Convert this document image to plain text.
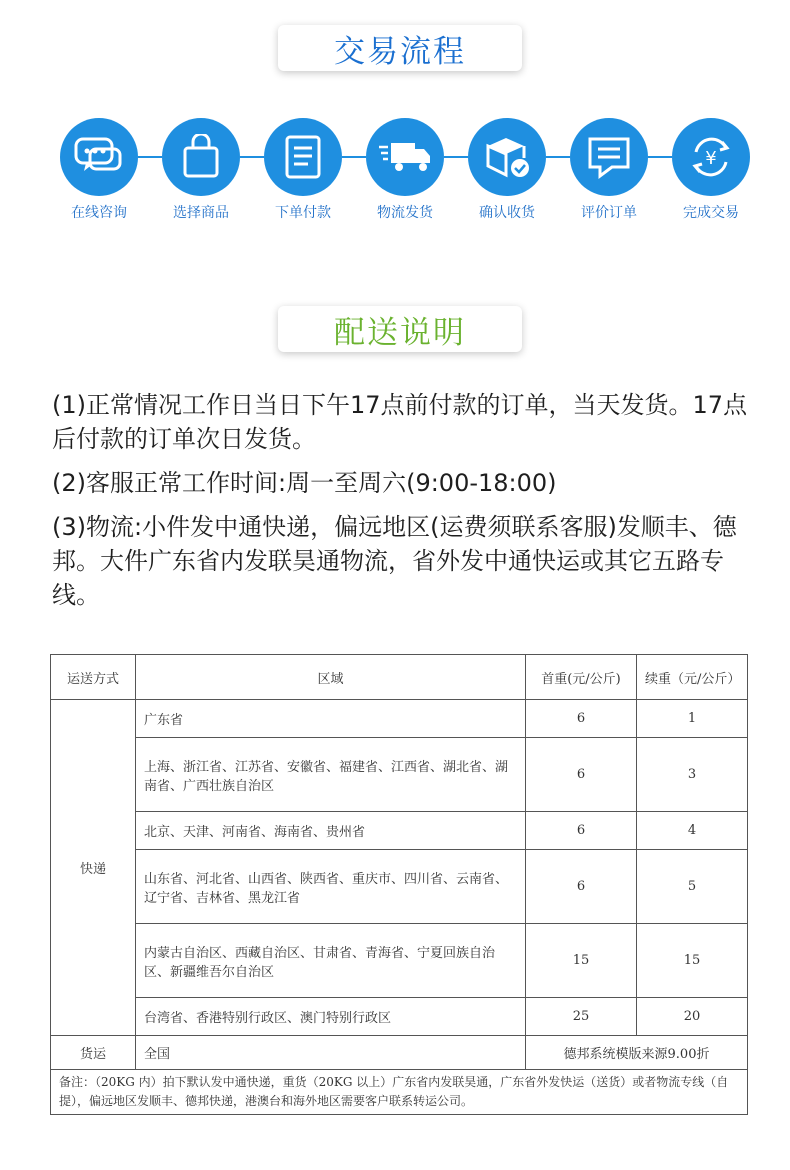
交易流程
在线咨询	选择商品	下单付款	物流发货	确认收货	评价订单
¥
完成交易
配送说明

(1)正常情况工作日当日下午17点前付款的订单，当天发货。17点后付款的订单次日发货。

(2)客服正常工作时间:周一至周六(9:00-18:00)

(3)物流:小件发中通快递，偏远地区(运费须联系客服)发顺丰、德邦。大件广东省内发联昊通物流，省外发中通快运或其它五路专线。

运送方式	区域	首重(元/公斤)	续重（元/公斤）
快递	广东省	6	1
	上海、浙江省、江苏省、安徽省、福建省、江西省、湖北省、湖南省、广西壮族自治区	6	3
	北京、天津、河南省、海南省、贵州省	6	4
	山东省、河北省、山西省、陕西省、重庆市、四川省、云南省、辽宁省、吉林省、黑龙江省	6	5
	内蒙古自治区、西藏自治区、甘肃省、青海省、宁夏回族自治区、新疆维吾尔自治区	15	15
	台湾省、香港特别行政区、澳门特别行政区	25	20
货运	全国	德邦系统模版来源9.00折	
备注：（20KG 内）拍下默认发中通快递，重货（20KG 以上）广东省内发联昊通，广东省外发快运（送货）或者物流专线（自提），偏远地区发顺丰、德邦快递，港澳台和海外地区需要客户联系转运公司。			
